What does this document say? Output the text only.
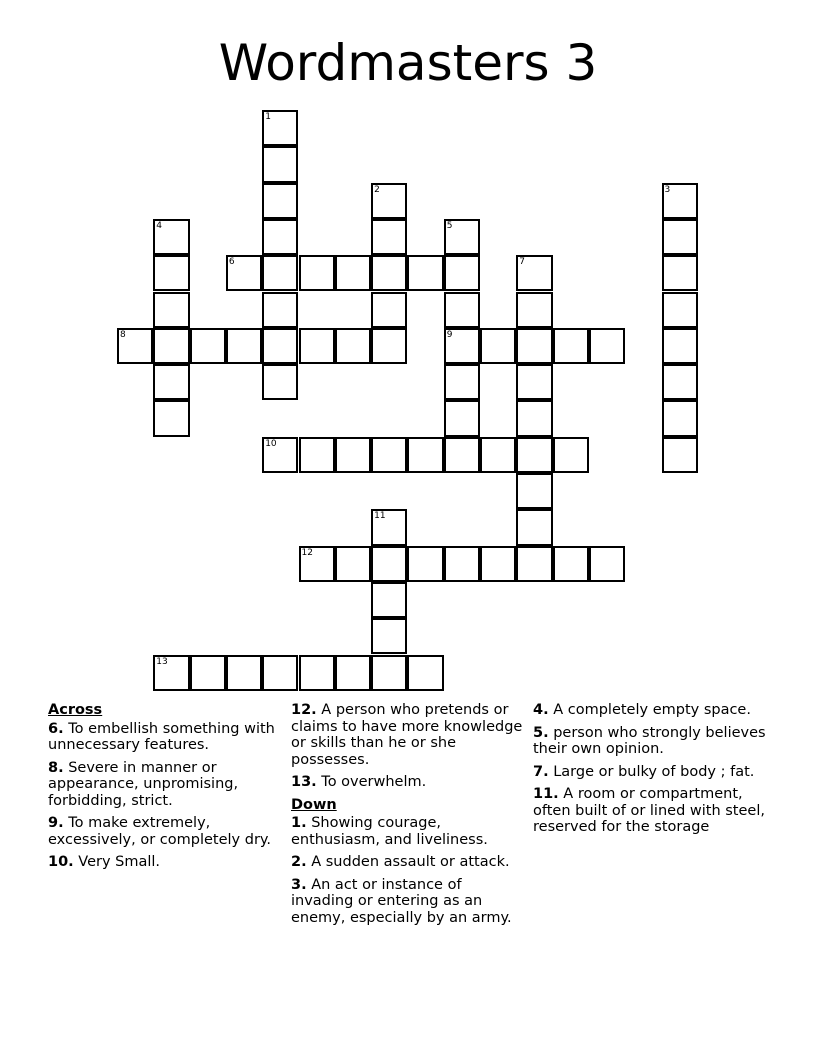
Wordmasters 3
1
2	3
4	5
9
6	7
8
10
11
12
13
Across
6. To embellish something with unnecessary features.
8. Severe in manner or appearance, unpromising, forbidding, strict.
9. To make extremely, excessively, or completely dry.
10. Very Small.
12. A person who pretends or claims to have more knowledge or skills than he or she possesses.
13. To overwhelm.
Down
1. Showing courage, enthusiasm, and liveliness.
2. A sudden assault or attack.
3. An act or instance of invading or entering as an enemy, especially by an army.
4. A completely empty space.
5. person who strongly believes their own opinion.
7. Large or bulky of body ; fat.
11. A room or compartment, often built of or lined with steel, reserved for the storage
